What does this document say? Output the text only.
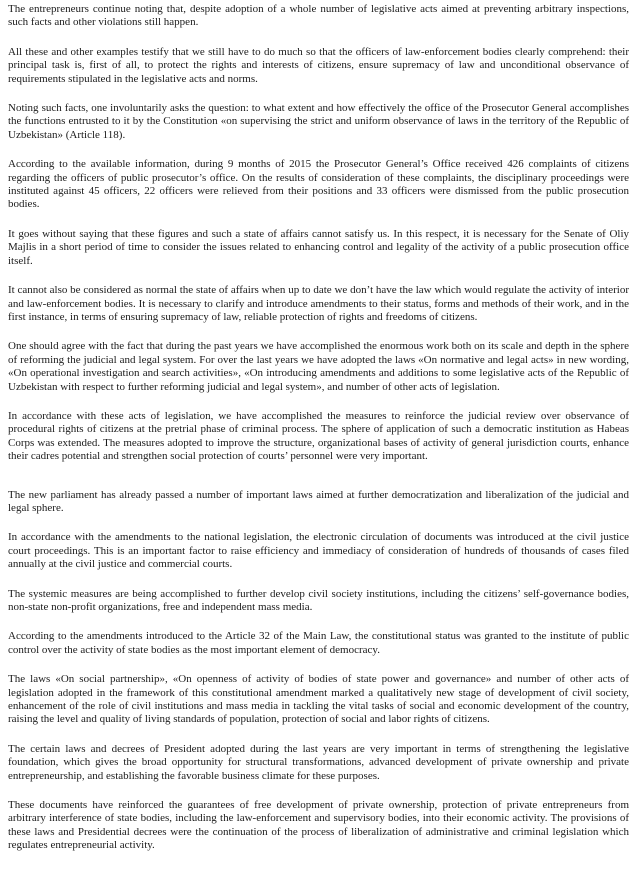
The entrepreneurs continue noting that, despite adoption of a whole number of legislative acts aimed at preventing arbitrary inspections, such facts and other violations still happen.

All these and other examples testify that we still have to do much so that the officers of law-enforcement bodies clearly comprehend: their principal task is, first of all, to protect the rights and interests of citizens, ensure supremacy of law and unconditional observance of requirements stipulated in the legislative acts and norms.

Noting such facts, one involuntarily asks the question: to what extent and how effectively the office of the Prosecutor General accomplishes the functions entrusted to it by the Constitution «on supervising the strict and uniform observance of laws in the territory of the Republic of Uzbekistan» (Article 118).

According to the available information, during 9 months of 2015 the Prosecutor General’s Office received 426 complaints of citizens regarding the officers of public prosecutor’s office. On the results of consideration of these complaints, the disciplinary proceedings were instituted against 45 officers, 22 officers were relieved from their positions and 33 officers were dismissed from the public prosecution bodies.

It goes without saying that these figures and such a state of affairs cannot satisfy us. In this respect, it is necessary for the Senate of Oliy Majlis in a short period of time to consider the issues related to enhancing control and legality of the activity of a public prosecution office itself.

It cannot also be considered as normal the state of affairs when up to date we don’t have the law which would regulate the activity of interior and law-enforcement bodies. It is necessary to clarify and introduce amendments to their status, forms and methods of their work, and in the first instance, in terms of ensuring supremacy of law, reliable protection of rights and freedoms of citizens.

One should agree with the fact that during the past years we have accomplished the enormous work both on its scale and depth in the sphere of reforming the judicial and legal system. For over the last years we have adopted the laws «On normative and legal acts» in new wording, «On operational investigation and search activities», «On introducing amendments and additions to some legislative acts of the Republic of Uzbekistan with respect to further reforming judicial and legal system», and number of other acts of legislation.

In accordance with these acts of legislation, we have accomplished the measures to reinforce the judicial review over observance of procedural rights of citizens at the pretrial phase of criminal process. The sphere of application of such a democratic institution as Habeas Corps was extended. The measures adopted to improve the structure, organizational bases of activity of general jurisdiction courts, enhance their cadres potential and strengthen social protection of courts’ personnel were very important.

The new parliament has already passed a number of important laws aimed at further democratization and liberalization of the judicial and legal sphere.

In accordance with the amendments to the national legislation, the electronic circulation of documents was introduced at the civil justice court proceedings. This is an important factor to raise efficiency and immediacy of consideration of hundreds of thousands of cases filed annually at the civil justice and commercial courts.

The systemic measures are being accomplished to further develop civil society institutions, including the citizens’ self-governance bodies, non-state non-profit organizations, free and independent mass media.

According to the amendments introduced to the Article 32 of the Main Law, the constitutional status was granted to the institute of public control over the activity of state bodies as the most important element of democracy.

The laws «On social partnership», «On openness of activity of bodies of state power and governance» and number of other acts of legislation adopted in the framework of this constitutional amendment marked a qualitatively new stage of development of civil society, enhancement of the role of civil institutions and mass media in tackling the vital tasks of social and economic development of the country, raising the level and quality of living standards of population, protection of social and labor rights of citizens.

The certain laws and decrees of President adopted during the last years are very important in terms of strengthening the legislative foundation, which gives the broad opportunity for structural transformations, advanced development of private ownership and private entrepreneurship, and establishing the favorable business climate for these purposes.

These documents have reinforced the guarantees of free development of private ownership, protection of private entrepreneurs from arbitrary interference of state bodies, including the law-enforcement and supervisory bodies, into their economic activity. The provisions of these laws and Presidential decrees were the continuation of the process of liberalization of administrative and criminal legislation which regulates entrepreneurial activity.
